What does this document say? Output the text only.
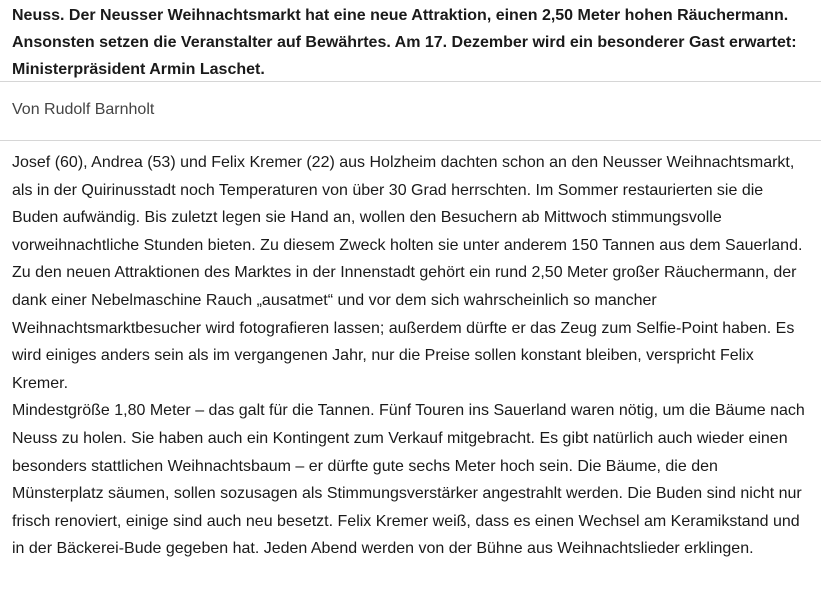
Neuss. Der Neusser Weihnachtsmarkt hat eine neue Attraktion, einen 2,50 Meter hohen Räuchermann. Ansonsten setzen die Veranstalter auf Bewährtes. Am 17. Dezember wird ein besonderer Gast erwartet: Ministerpräsident Armin Laschet.

Von Rudolf Barnholt

Josef (60), Andrea (53) und Felix Kremer (22) aus Holzheim dachten schon an den Neusser Weihnachtsmarkt, als in der Quirinusstadt noch Temperaturen von über 30 Grad herrschten. Im Sommer restaurierten sie die Buden aufwändig. Bis zuletzt legen sie Hand an, wollen den Besuchern ab Mittwoch stimmungsvolle vorweihnachtliche Stunden bieten. Zu diesem Zweck holten sie unter anderem 150 Tannen aus dem Sauerland. Zu den neuen Attraktionen des Marktes in der Innenstadt gehört ein rund 2,50 Meter großer Räuchermann, der dank einer Nebelmaschine Rauch „ausatmet“ und vor dem sich wahrscheinlich so mancher Weihnachtsmarktbesucher wird fotografieren lassen; außerdem dürfte er das Zeug zum Selfie-Point haben. Es wird einiges anders sein als im vergangenen Jahr, nur die Preise sollen konstant bleiben, verspricht Felix Kremer.

Mindestgröße 1,80 Meter – das galt für die Tannen. Fünf Touren ins Sauerland waren nötig, um die Bäume nach Neuss zu holen. Sie haben auch ein Kontingent zum Verkauf mitgebracht. Es gibt natürlich auch wieder einen besonders stattlichen Weihnachtsbaum – er dürfte gute sechs Meter hoch sein. Die Bäume, die den Münsterplatz säumen, sollen sozusagen als Stimmungsverstärker angestrahlt werden. Die Buden sind nicht nur frisch renoviert, einige sind auch neu besetzt. Felix Kremer weiß, dass es einen Wechsel am Keramikstand und in der Bäckerei-Bude gegeben hat. Jeden Abend werden von der Bühne aus Weihnachtslieder erklingen.
